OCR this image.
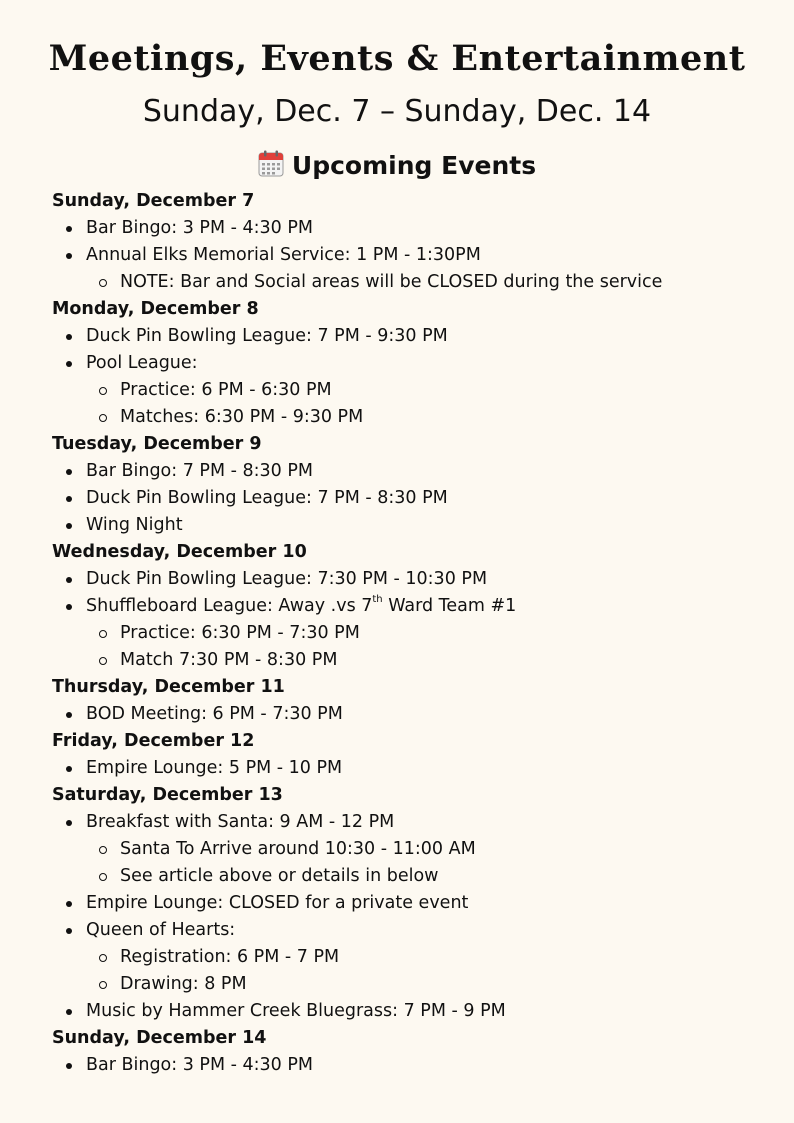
Meetings, Events & Entertainment
Sunday, Dec. 7 – Sunday, Dec. 14
Upcoming Events
Sunday, December 7
Bar Bingo: 3 PM - 4:30 PM
Annual Elks Memorial Service: 1 PM - 1:30PM
NOTE: Bar and Social areas will be CLOSED during the service
Monday, December 8
Duck Pin Bowling League: 7 PM - 9:30 PM
Pool League:
Practice: 6 PM - 6:30 PM
Matches: 6:30 PM - 9:30 PM
Tuesday, December 9
Bar Bingo: 7 PM - 8:30 PM
Duck Pin Bowling League: 7 PM - 8:30 PM
Wing Night
Wednesday, December 10
Duck Pin Bowling League: 7:30 PM - 10:30 PM
Shuffleboard League: Away .vs 7th Ward Team #1
Practice: 6:30 PM - 7:30 PM
Match 7:30 PM - 8:30 PM
Thursday, December 11
BOD Meeting: 6 PM - 7:30 PM
Friday, December 12
Empire Lounge: 5 PM - 10 PM
Saturday, December 13
Breakfast with Santa: 9 AM - 12 PM
Santa To Arrive around 10:30 - 11:00 AM
See article above or details in below
Empire Lounge: CLOSED for a private event
Queen of Hearts:
Registration: 6 PM - 7 PM
Drawing: 8 PM
Music by Hammer Creek Bluegrass: 7 PM - 9 PM
Sunday, December 14
Bar Bingo: 3 PM - 4:30 PM
